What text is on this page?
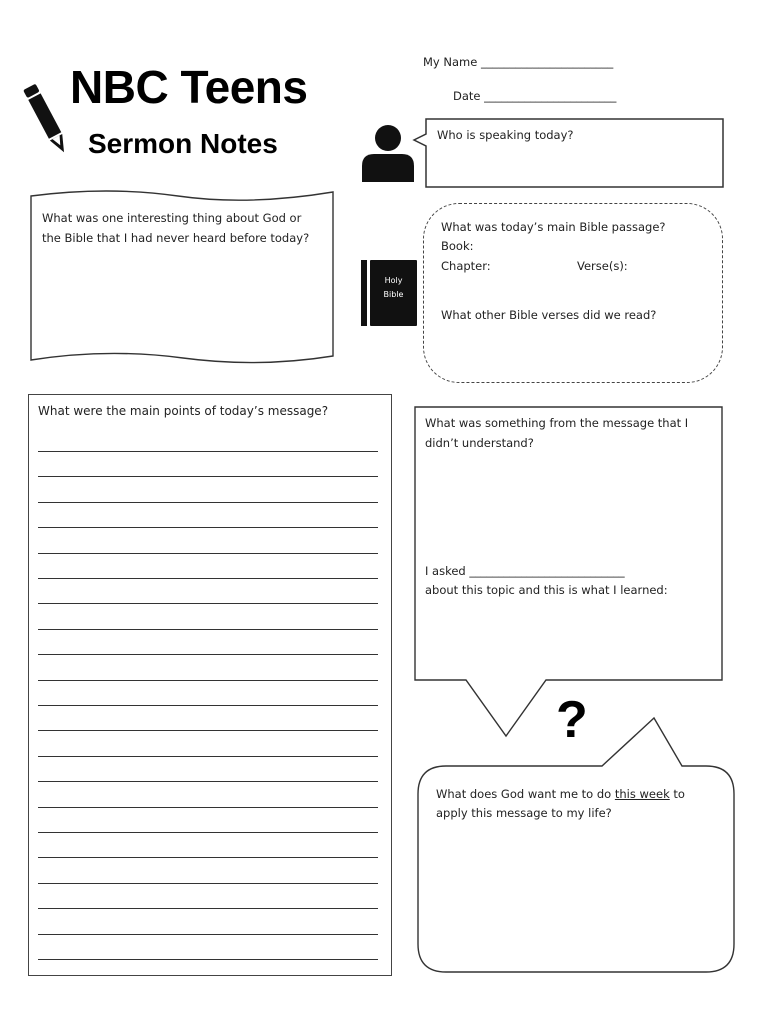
NBC Teens
Sermon Notes
My Name _______________________
Date _______________________
Who is speaking today?
What was one interesting thing about God or
the Bible that I had never heard before today?
Holy
Bible
What was today’s main Bible passage?
Book:
Chapter:	Verse(s):
What other Bible verses did we read?
What were the main points of today’s message?
What was something from the message that I
didn’t understand?
I asked ___________________________
about this topic and this is what I learned:
?
What does God want me to do this week to
apply this message to my life?
